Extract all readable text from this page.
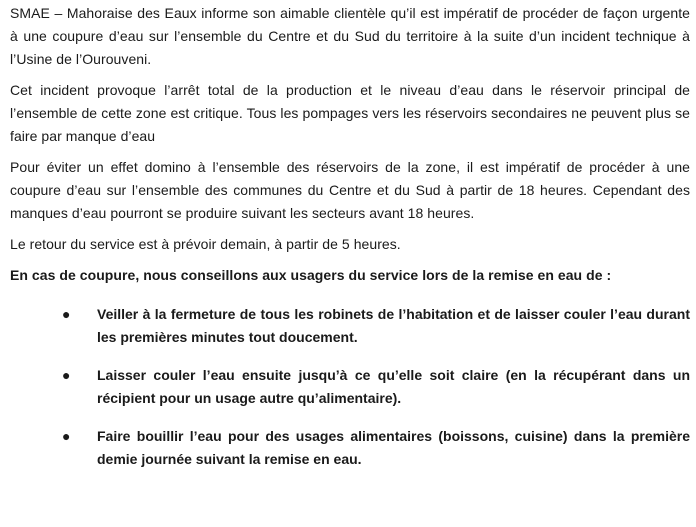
SMAE – Mahoraise des Eaux informe son aimable clientèle qu’il est impératif de procéder de façon urgente à une coupure d’eau sur l’ensemble du Centre et du Sud du territoire à la suite d’un incident technique à l’Usine de l’Ourouveni.

Cet incident provoque l’arrêt total de la production et le niveau d’eau dans le réservoir principal de l’ensemble de cette zone est critique. Tous les pompages vers les réservoirs secondaires ne peuvent plus se faire par manque d’eau

Pour éviter un effet domino à l’ensemble des réservoirs de la zone, il est impératif de procéder à une coupure d’eau sur l’ensemble des communes du Centre et du Sud à partir de 18 heures. Cependant des manques d’eau pourront se produire suivant les secteurs avant 18 heures.

Le retour du service est à prévoir demain, à partir de 5 heures.

En cas de coupure, nous conseillons aux usagers du service lors de la remise en eau de :

● Veiller à la fermeture de tous les robinets de l’habitation et de laisser couler l’eau durant les premières minutes tout doucement.
● Laisser couler l’eau ensuite jusqu’à ce qu’elle soit claire (en la récupérant dans un récipient pour un usage autre qu’alimentaire).
● Faire bouillir l’eau pour des usages alimentaires (boissons, cuisine) dans la première demie journée suivant la remise en eau.
